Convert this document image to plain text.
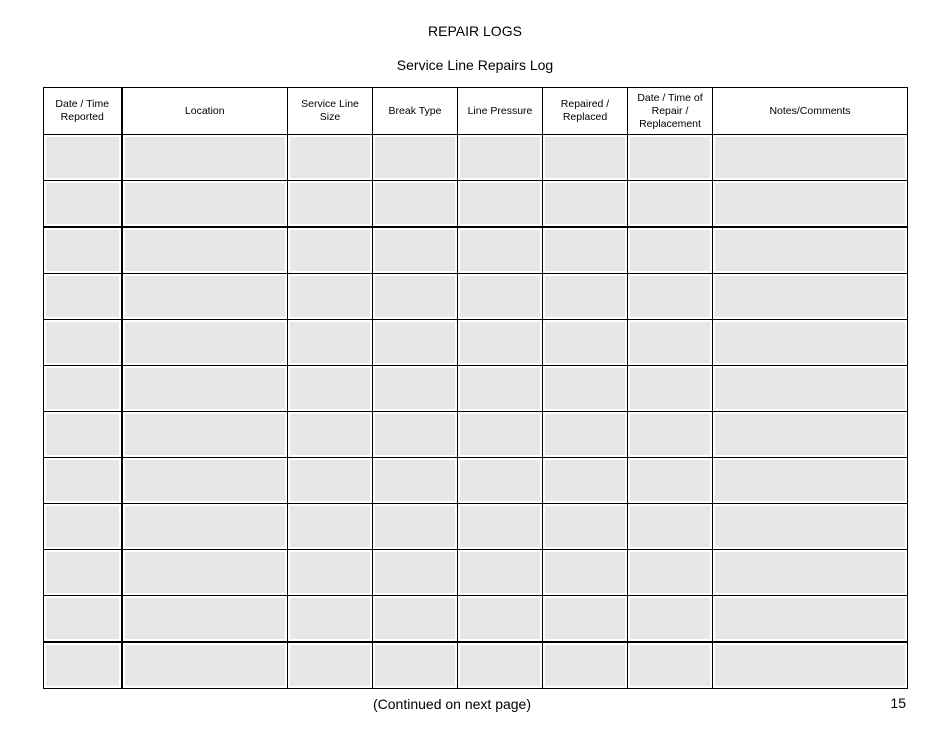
REPAIR LOGS
Service Line Repairs Log
Date / Time Reported	Location	Service Line Size	Break Type	Line Pressure	Repaired / Replaced	Date / Time of Repair / Replacement	Notes/Comments

(Continued on next page)	15
